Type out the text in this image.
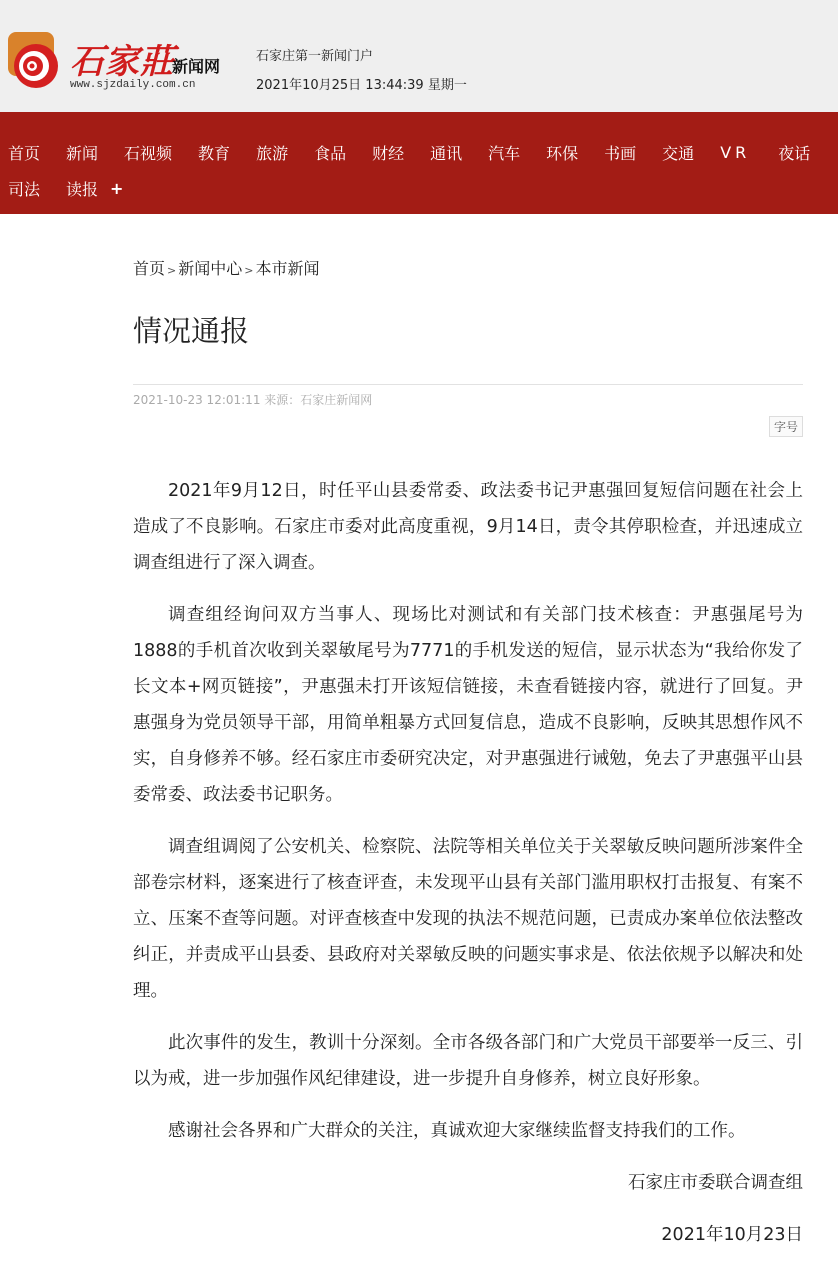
石家莊
新闻网
www.sjzdaily.com.cn
石家庄第一新闻门户
2021年10月25日 13:44:39 星期一
首页 新闻 石视频 教育 旅游 食品 财经 通讯 汽车 环保 书画 交通 VR 夜话
司法 读报 +
首页 > 新闻中心 > 本市新闻
情况通报
2021-10-23 12:01:11 来源：石家庄新闻网
字号

2021年9月12日，时任平山县委常委、政法委书记尹惠强回复短信问题在社会上造成了不良影响。石家庄市委对此高度重视，9月14日，责令其停职检查，并迅速成立调查组进行了深入调查。

调查组经询问双方当事人、现场比对测试和有关部门技术核查：尹惠强尾号为1888的手机首次收到关翠敏尾号为7771的手机发送的短信，显示状态为“我给你发了长文本+网页链接”，尹惠强未打开该短信链接，未查看链接内容，就进行了回复。尹惠强身为党员领导干部，用简单粗暴方式回复信息，造成不良影响，反映其思想作风不实，自身修养不够。经石家庄市委研究决定，对尹惠强进行诫勉，免去了尹惠强平山县委常委、政法委书记职务。

调查组调阅了公安机关、检察院、法院等相关单位关于关翠敏反映问题所涉案件全部卷宗材料，逐案进行了核查评查，未发现平山县有关部门滥用职权打击报复、有案不立、压案不查等问题。对评查核查中发现的执法不规范问题，已责成办案单位依法整改纠正，并责成平山县委、县政府对关翠敏反映的问题实事求是、依法依规予以解决和处理。

此次事件的发生，教训十分深刻。全市各级各部门和广大党员干部要举一反三、引以为戒，进一步加强作风纪律建设，进一步提升自身修养，树立良好形象。

感谢社会各界和广大群众的关注，真诚欢迎大家继续监督支持我们的工作。

石家庄市委联合调查组

2021年10月23日
